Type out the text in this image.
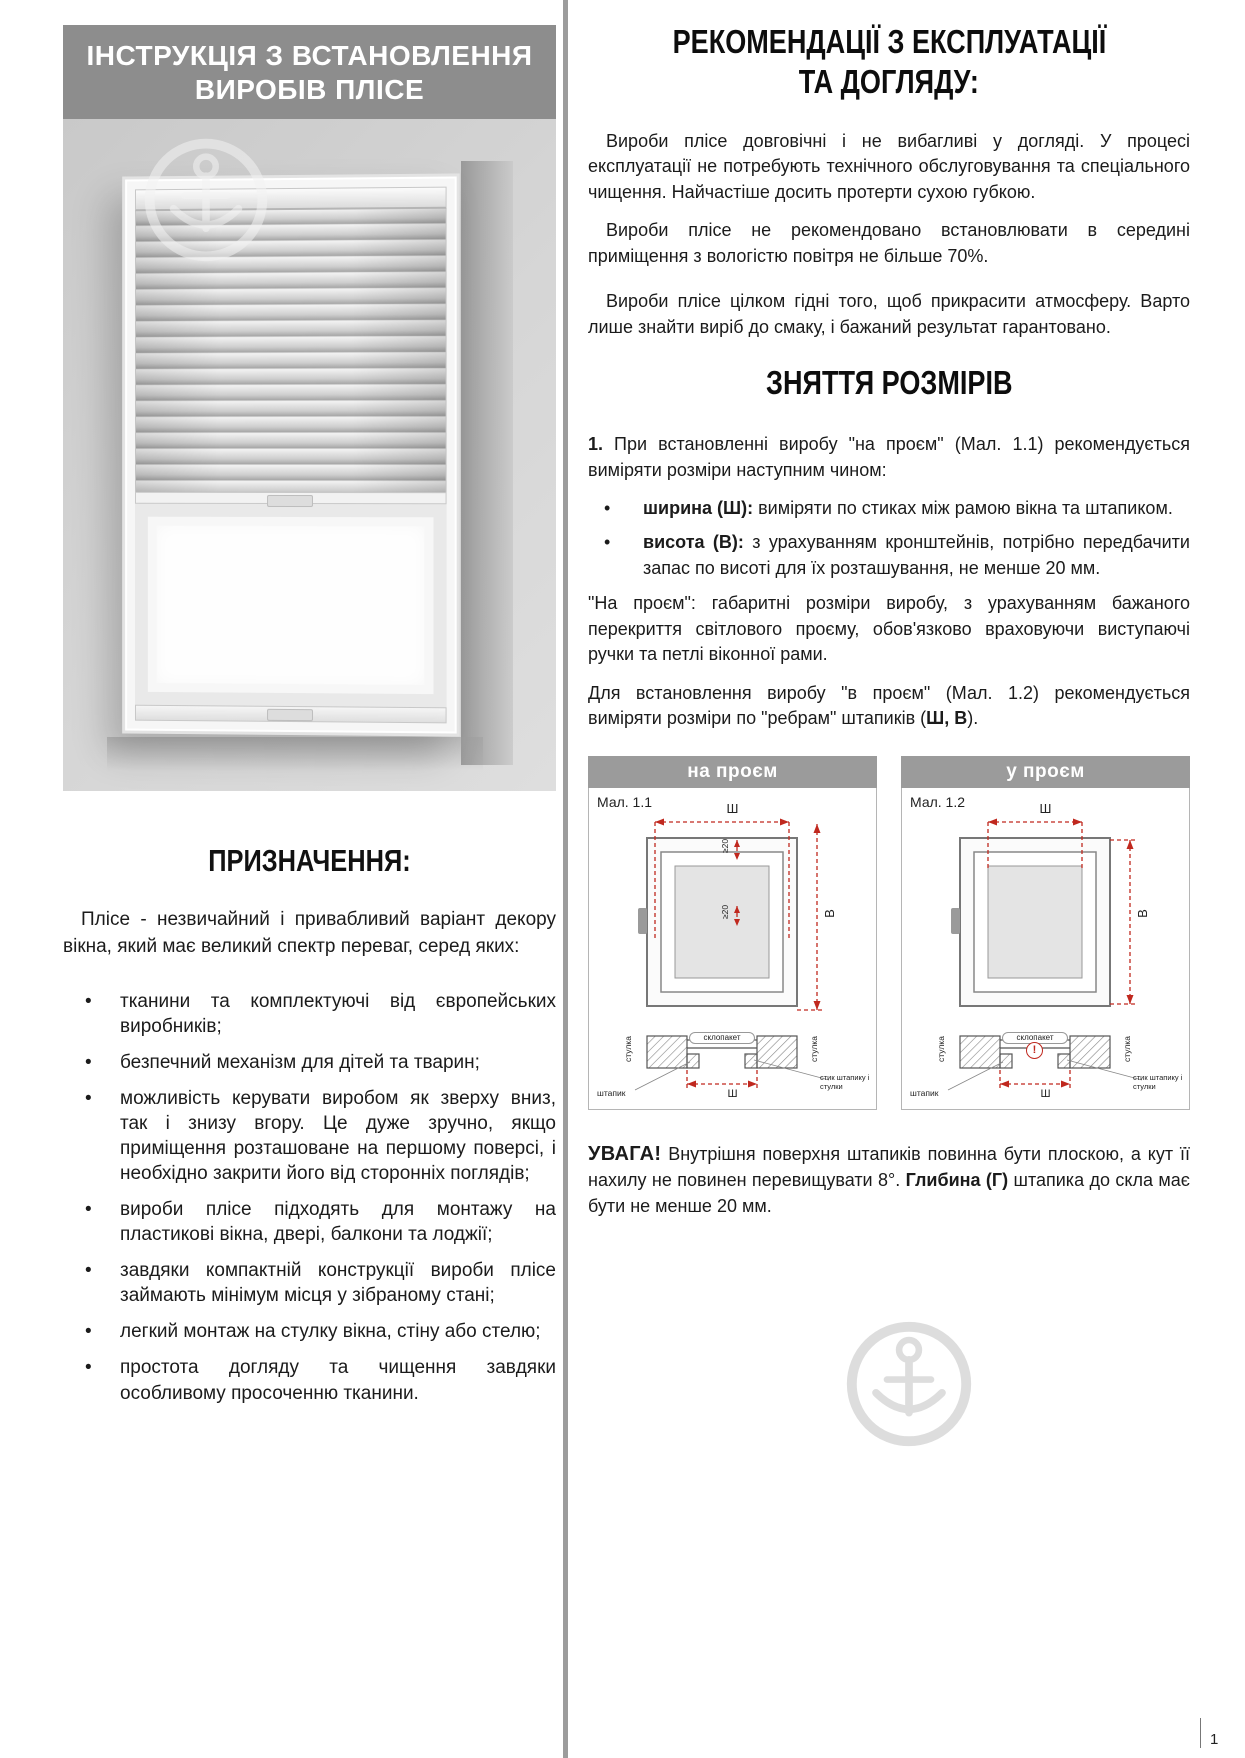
ІНСТРУКЦІЯ З ВСТАНОВЛЕННЯ
ВИРОБІВ ПЛІСЕ
ПРИЗНАЧЕННЯ:

Плісе - незвичайний і привабливий варіант декору вікна, який має великий спектр переваг, серед яких:

• тканини та комплектуючі від європейських виробників;
• безпечний механізм для дітей та тварин;
• можливість керувати виробом як зверху вниз, так і знизу вгору. Це дуже зручно, якщо приміщення розташоване на першому поверсі, і необхідно закрити його від сторонніх поглядів;
• вироби плісе підходять для монтажу на пластикові вікна, двері, балкони та лоджії;
• завдяки компактній конструкції вироби плісе займають мінімум місця у зібраному стані;
• легкий монтаж на стулку вікна, стіну або стелю;
• простота догляду та чищення завдяки особливому просоченню тканини.
РЕКОМЕНДАЦІЇ З ЕКСПЛУАТАЦІЇ
ТА ДОГЛЯДУ:

Вироби плісе довговічні і не вибагливі у догляді. У процесі експлуатації не потребують технічного обслуговування та спеціального чищення. Найчастіше досить протерти сухою губкою.

Вироби плісе не рекомендовано встановлювати в середині приміщення з вологістю повітря не більше 70%.

Вироби плісе цілком гідні того, щоб прикрасити атмосферу. Варто лише знайти виріб до смаку, і бажаний результат гарантовано.

ЗНЯТТЯ РОЗМІРІВ

1. При встановленні виробу "на проєм" (Мал. 1.1) рекомендується виміряти розміри наступним чином:

• ширина (Ш): виміряти по стиках між рамою вікна та штапиком.
• висота (В): з урахуванням кронштейнів, потрібно передбачити запас по висоті для їх розташування, не менше 20 мм.

"На проєм": габаритні розміри виробу, з урахуванням бажаного перекриття світлового проєму, обов'язково враховуючи виступаючі ручки та петлі віконної рами.

Для встановлення виробу "в проєм" (Мал. 1.2) рекомендується виміряти розміри по "ребрам" штапиків (Ш, В).

на проєм
Мал. 1.1	Ш
В
≥20
≥20
склопакет
стулка	стулка
штапик	Ш
стик штапику і стулки
у проєм
Мал. 1.2	Ш
В
склопакет
стулка	стулка
штапик	Ш
стик штапику і стулки
!

УВАГА! Внутрішня поверхня штапиків повинна бути плоскою, а кут її нахилу не повинен перевищувати 8°. Глибина (Г) штапика до скла має бути не менше 20 мм.

1
